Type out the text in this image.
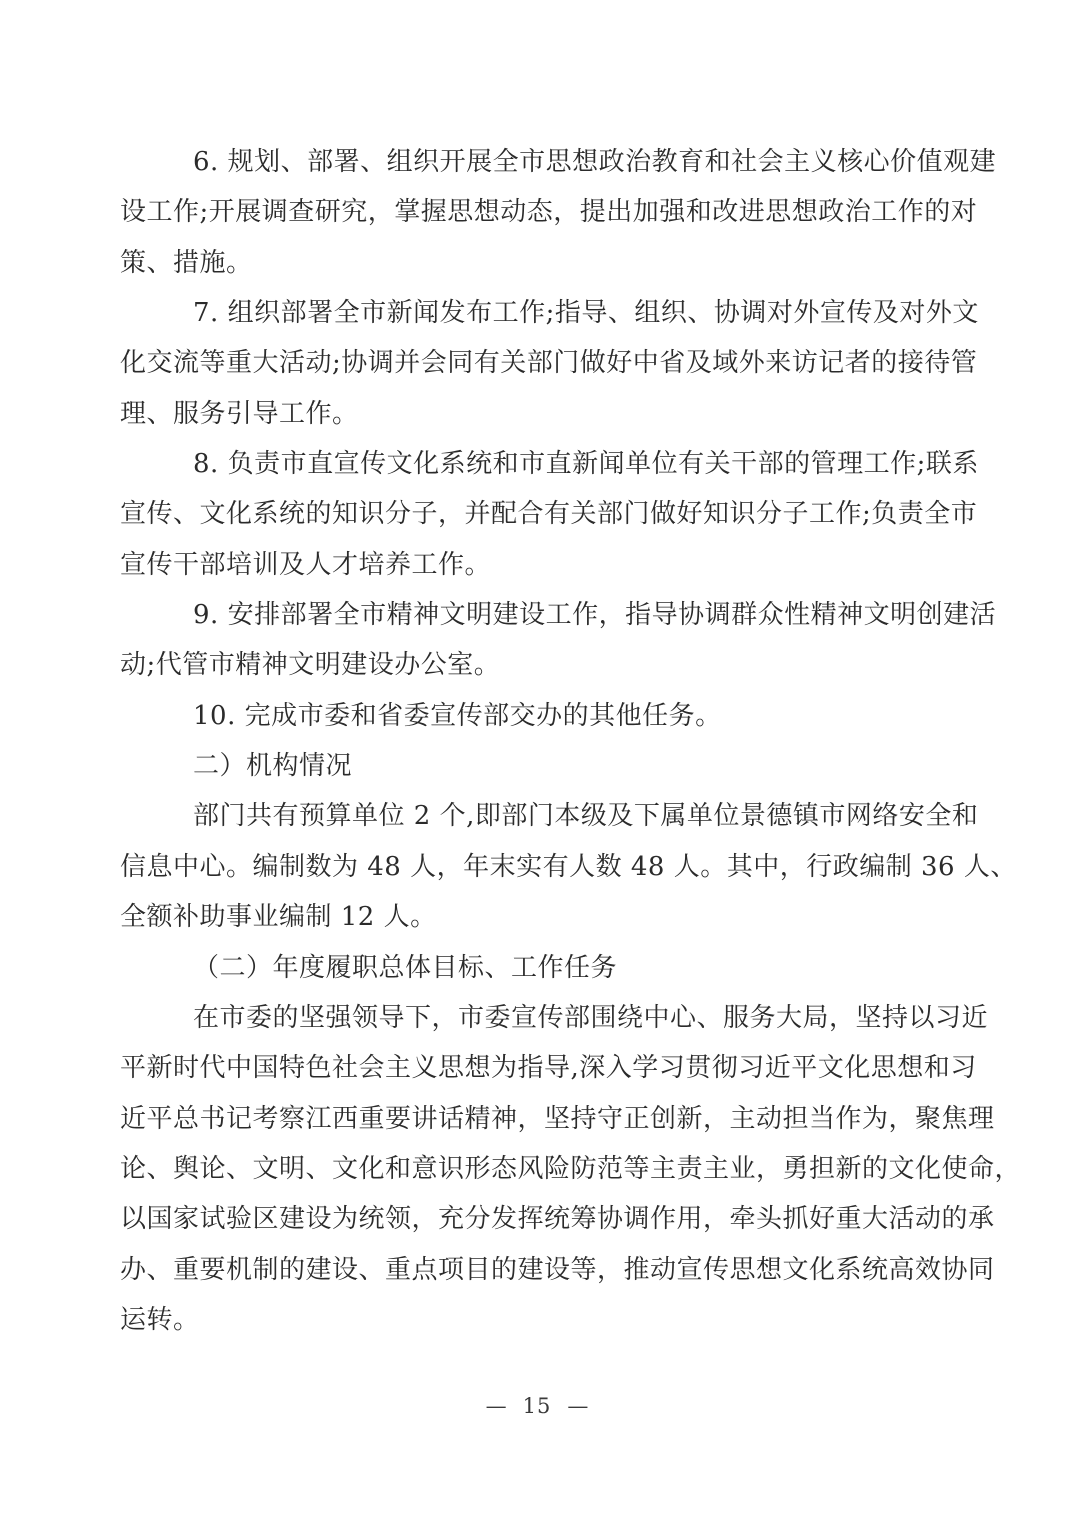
6. 规划、部署、组织开展全市思想政治教育和社会主义核心价值观建
设工作;开展调查研究，掌握思想动态，提出加强和改进思想政治工作的对
策、措施。
7. 组织部署全市新闻发布工作;指导、组织、协调对外宣传及对外文
化交流等重大活动;协调并会同有关部门做好中省及域外来访记者的接待管
理、服务引导工作。
8. 负责市直宣传文化系统和市直新闻单位有关干部的管理工作;联系
宣传、文化系统的知识分子，并配合有关部门做好知识分子工作;负责全市
宣传干部培训及人才培养工作。
9. 安排部署全市精神文明建设工作，指导协调群众性精神文明创建活
动;代管市精神文明建设办公室。
10. 完成市委和省委宣传部交办的其他任务。
二）机构情况
部门共有预算单位 2 个,即部门本级及下属单位景德镇市网络安全和
信息中心。编制数为 48 人，年末实有人数 48 人。其中，行政编制 36 人、
全额补助事业编制 12 人。
（二）年度履职总体目标、工作任务
在市委的坚强领导下，市委宣传部围绕中心、服务大局，坚持以习近
平新时代中国特色社会主义思想为指导,深入学习贯彻习近平文化思想和习
近平总书记考察江西重要讲话精神，坚持守正创新，主动担当作为，聚焦理
论、舆论、文明、文化和意识形态风险防范等主责主业，勇担新的文化使命，
以国家试验区建设为统领，充分发挥统筹协调作用，牵头抓好重大活动的承
办、重要机制的建设、重点项目的建设等，推动宣传思想文化系统高效协同
运转。
— 15 —
